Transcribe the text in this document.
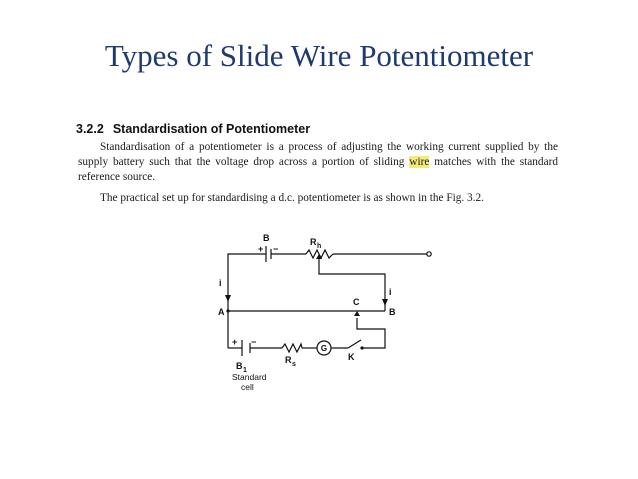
Types of Slide Wire Potentiometer
3.2.2 Standardisation of Potentiometer
Standardisation of a potentiometer is a process of adjusting the working current supplied by the supply battery such that the voltage drop across a portion of sliding wire matches with the standard reference source.
The practical set up for standardising a d.c. potentiometer is as shown in the Fig. 3.2.
B
+ −
R h
i
i
A	B
C
+ −
B 1
R s
G
K
Standard
cell
